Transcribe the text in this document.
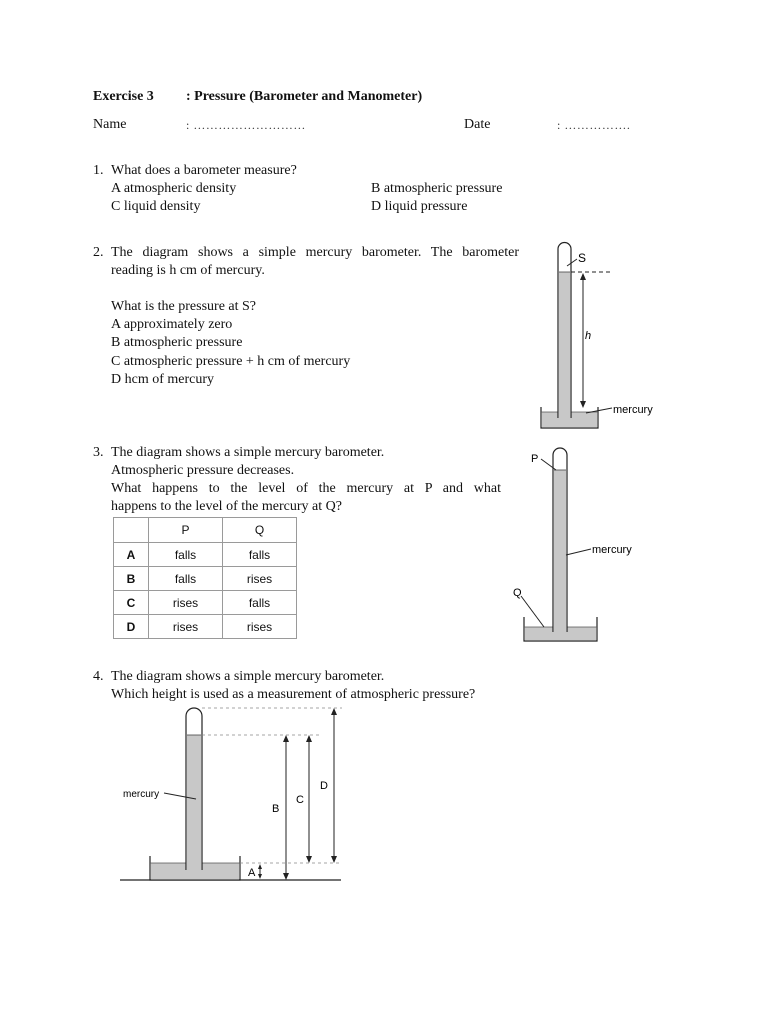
Exercise 3 : Pressure (Barometer and Manometer)
Name	: ………………………	Date	: …………….
1. What does a barometer measure?
A atmospheric density	B atmospheric pressure
C liquid density	D liquid pressure
2. The diagram shows a simple mercury barometer. The barometer
reading is h cm of mercury.
What is the pressure at S?
A approximately zero
B atmospheric pressure
C atmospheric pressure + h cm of mercury
D hcm of mercury
S
h
mercury
3. The diagram shows a simple mercury barometer.
Atmospheric pressure decreases.
What happens to the level of the mercury at P and what
happens to the level of the mercury at Q?
	P	Q
A	falls	falls
B	falls	rises
C	rises	falls
D	rises	rises
P
mercury
Q
4. The diagram shows a simple mercury barometer.
Which height is used as a measurement of atmospheric pressure?
B
C
D
A
mercury
